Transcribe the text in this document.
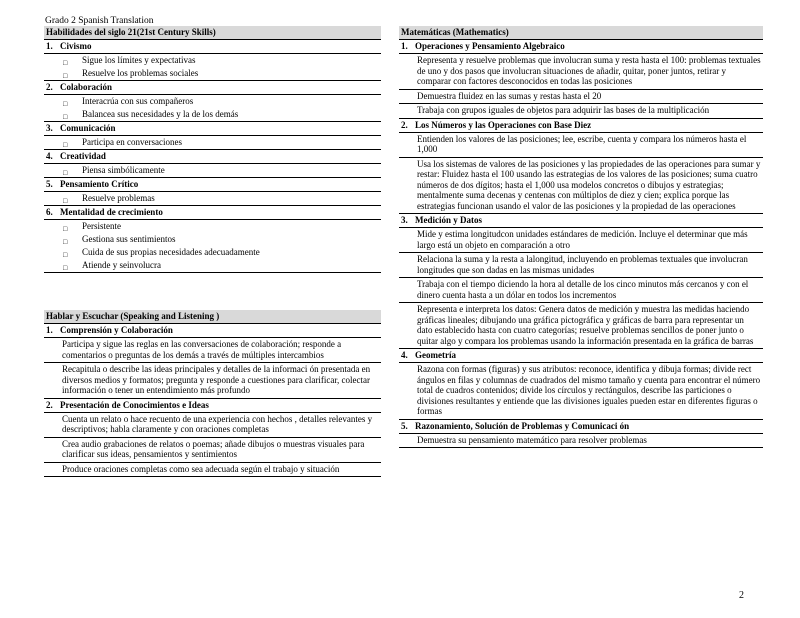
Grado 2 Spanish Translation
Habilidades del siglo 21(21st Century Skills)
1. Civismo
□	Sigue los límites y expectativas
□	Resuelve los problemas sociales
2. Colaboración
□	Interacrúa con sus compañeros
□	Balancea sus necesidades y la de los demás
3. Comunicación
□	Participa en conversaciones
4. Creatividad
□	Piensa simbólicamente
5. Pensamiento Crítico
□	Resuelve problemas
6. Mentalidad de crecimiento
□	Persistente
□	Gestiona sus sentimientos
□	Cuida de sus propias necesidades adecuadamente
□	Atiende y seinvolucra
Hablar y Escuchar (Speaking and Listening )
1. Comprensión y Colaboración
Participa y sigue las reglas en las conversaciones de colaboración; responde a comentarios o preguntas de los demás a través de múltiples intercambios
Recapitula o describe las ideas principales y detalles de la informaci ón presentada en diversos medios y formatos; pregunta y responde a cuestiones para clarificar, colectar información o tener un entendimiento más profundo
2. Presentación de Conocimientos e Ideas
Cuenta un relato o hace recuento de una experiencia con hechos , detalles relevantes y descriptivos; habla claramente y con oraciones completas
Crea audio grabaciones de relatos o poemas; añade dibujos o muestras visuales para clarificar sus ideas, pensamientos y sentimientos
Produce oraciones completas como sea adecuada según el trabajo y situación
Matemáticas (Mathematics)
1. Operaciones y Pensamiento Algebraico
Representa y resuelve problemas que involucran suma y resta hasta el 100: problemas textuales de uno y dos pasos que involucran situaciones de añadir, quitar, poner juntos, retirar y comparar con factores desconocidos en todas las posiciones
Demuestra fluidez en las sumas y restas hasta el 20
Trabaja con grupos iguales de objetos para adquirir las bases de la multiplicación
2. Los Números y las Operaciones con Base Diez
Entienden los valores de las posiciones; lee, escribe, cuenta y compara los números hasta el 1,000
Usa los sistemas de valores de las posiciones y las propiedades de las operaciones para sumar y restar: Fluidez hasta el 100 usando las estrategias de los valores de las posiciones; suma cuatro números de dos dígitos; hasta el 1,000 usa modelos concretos o dibujos y estrategias; mentalmente suma decenas y centenas con múltiplos de diez y cien; explica porque las estrategias funcionan usando el valor de las posiciones y la propiedad de las operaciones
3. Medición y Datos
Mide y estima longitudcon unidades estándares de medición. Incluye el determinar que más largo está un objeto en comparación a otro
Relaciona la suma y la resta a lalongitud, incluyendo en problemas textuales que involucran longitudes que son dadas en las mismas unidades
Trabaja con el tiempo diciendo la hora al detalle de los cinco minutos más cercanos y con el dinero cuenta hasta a un dólar en todos los incrementos
Representa e interpreta los datos: Genera datos de medición y muestra las medidas haciendo gráficas lineales; dibujando una gráfica pictográfica y gráficas de barra para representar un dato establecido hasta con cuatro categorías; resuelve problemas sencillos de poner junto o quitar algo y compara los problemas usando la información presentada en la gráfica de barras
4. Geometría
Razona con formas (figuras) y sus atributos: reconoce, identifica y dibuja formas; divide rect ángulos en filas y columnas de cuadrados del mismo tamaño y cuenta para encontrar el número total de cuadros contenidos; divide los círculos y rectángulos, describe las particiones o divisiones resultantes y entiende que las divisiones iguales pueden estar en diferentes figuras o formas
5. Razonamiento, Solución de Problemas y Comunicaci ón
Demuestra su pensamiento matemático para resolver problemas
2
